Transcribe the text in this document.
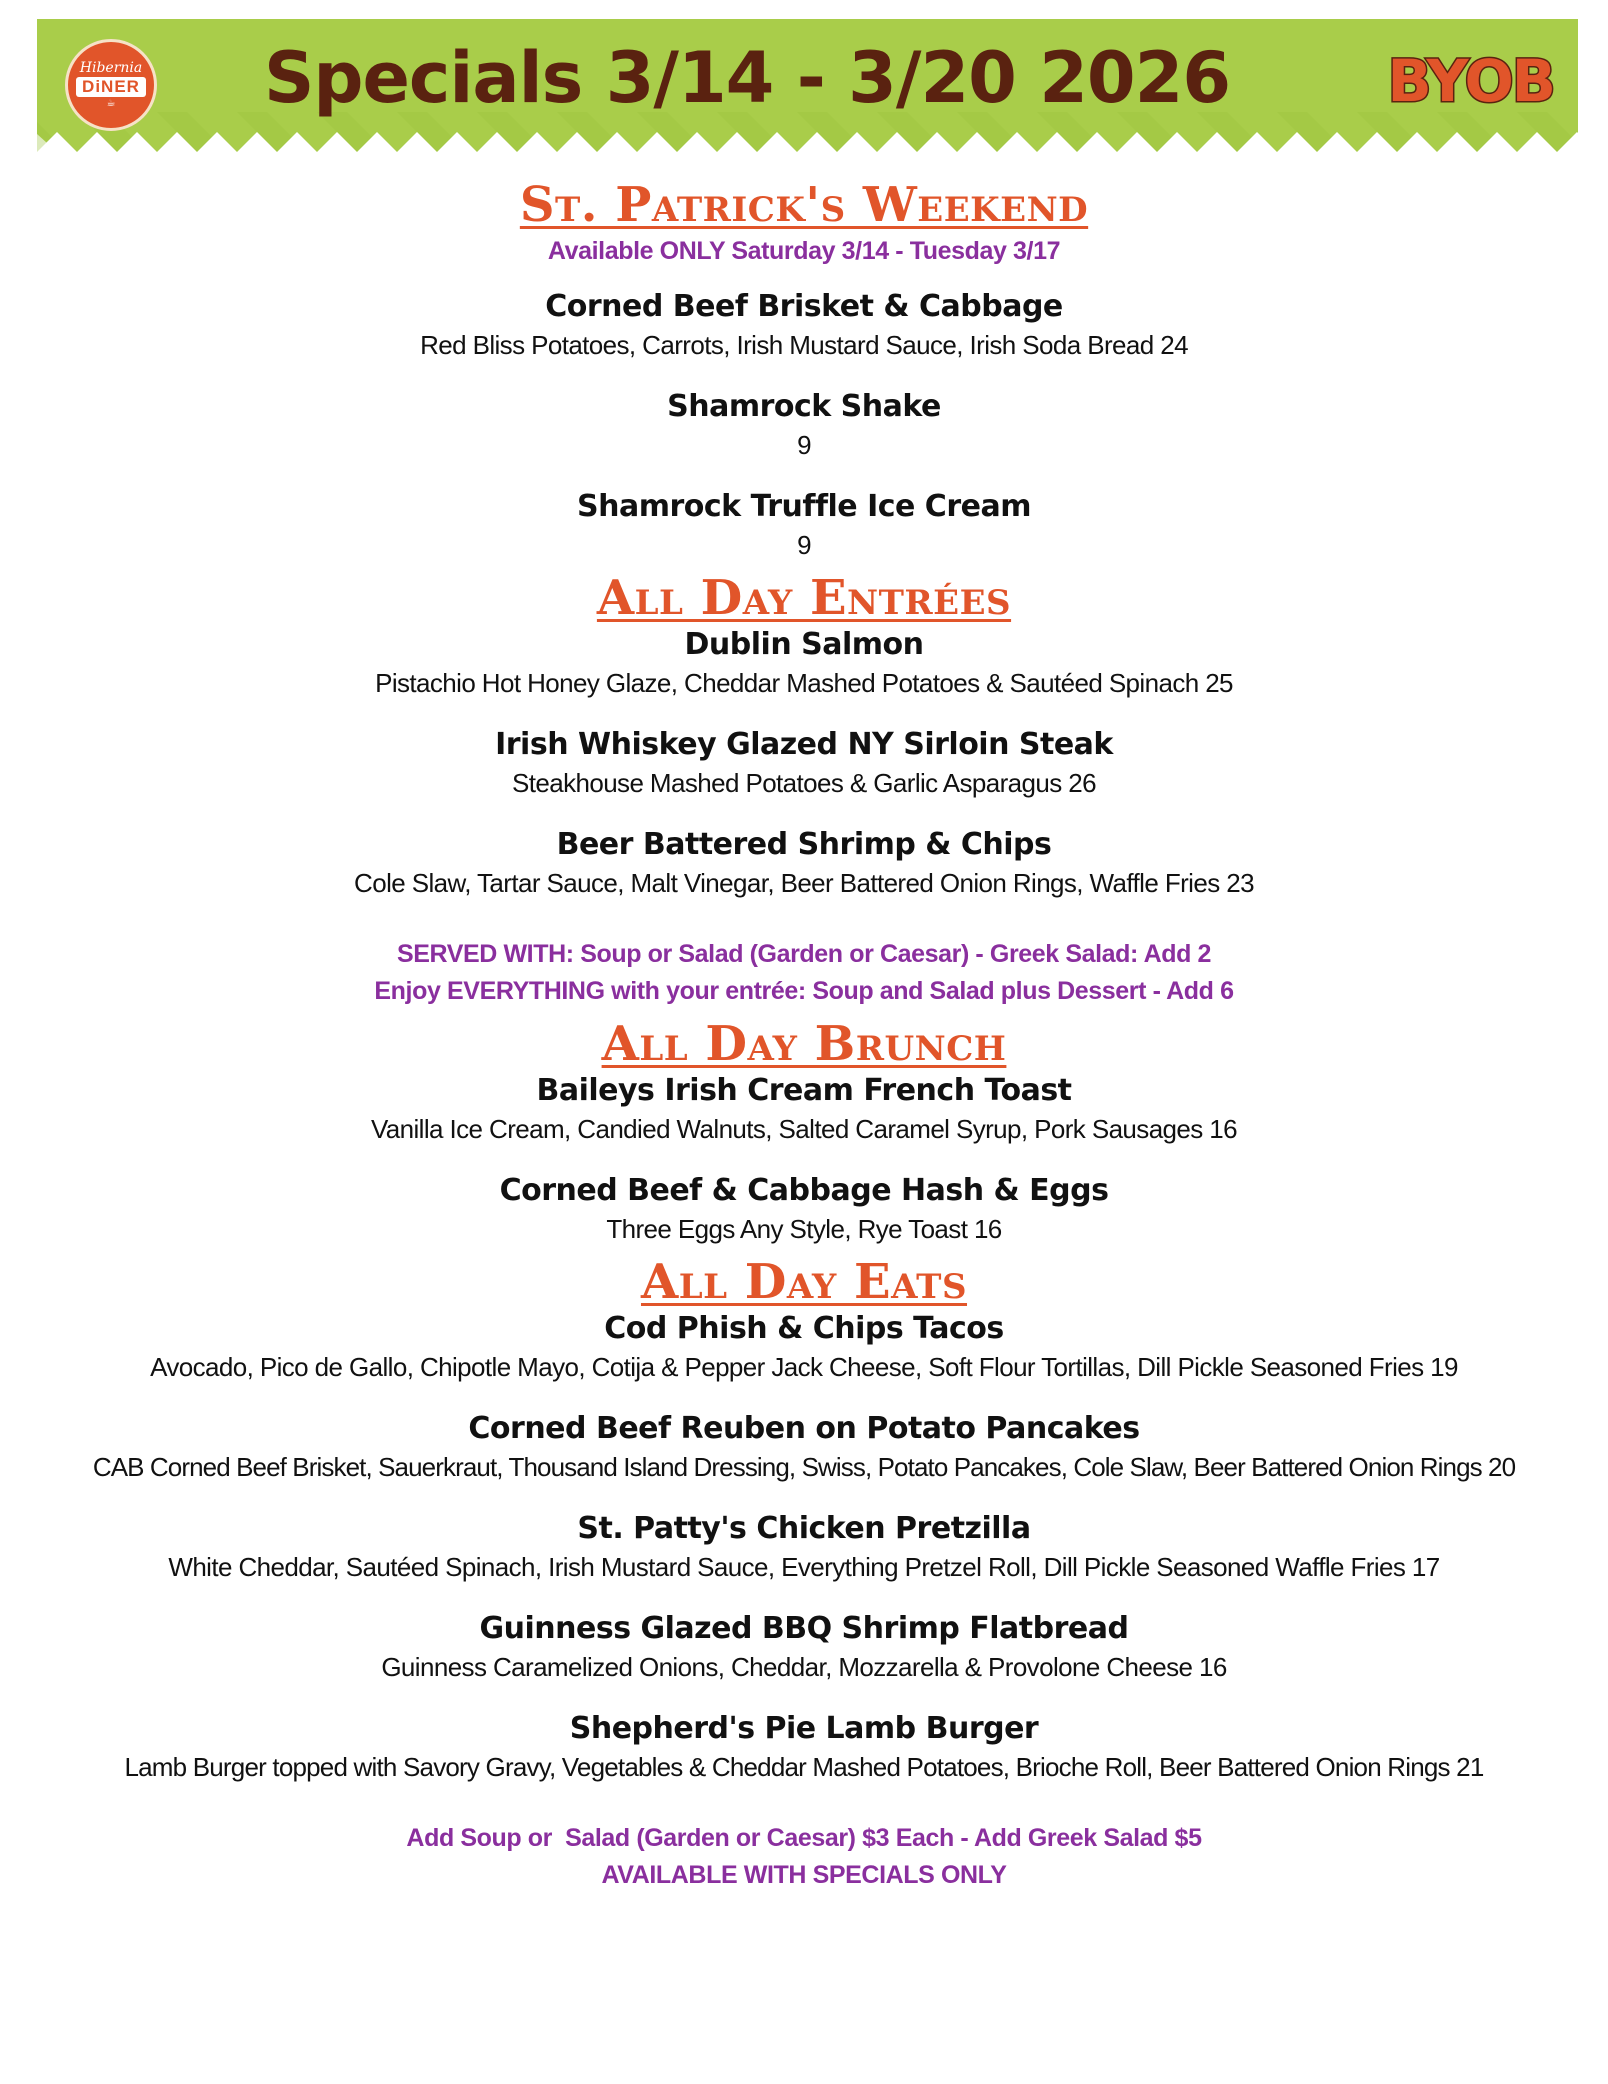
Hibernia
DiNER
☕	Specials 3/14 - 3/20 2026	BYOB
St. Patrick's Weekend

Available ONLY Saturday 3/14 - Tuesday 3/17

Corned Beef Brisket & Cabbage

Red Bliss Potatoes, Carrots, Irish Mustard Sauce, Irish Soda Bread 24

Shamrock Shake

9

Shamrock Truffle Ice Cream

9

All Day Entrées

Dublin Salmon

Pistachio Hot Honey Glaze, Cheddar Mashed Potatoes & Sautéed Spinach 25

Irish Whiskey Glazed NY Sirloin Steak

Steakhouse Mashed Potatoes & Garlic Asparagus 26

Beer Battered Shrimp & Chips

Cole Slaw, Tartar Sauce, Malt Vinegar, Beer Battered Onion Rings, Waffle Fries 23

SERVED WITH: Soup or Salad (Garden or Caesar) - Greek Salad: Add 2

Enjoy EVERYTHING with your entrée: Soup and Salad plus Dessert - Add 6

All Day Brunch

Baileys Irish Cream French Toast

Vanilla Ice Cream, Candied Walnuts, Salted Caramel Syrup, Pork Sausages 16

Corned Beef & Cabbage Hash & Eggs

Three Eggs Any Style, Rye Toast 16

All Day Eats

Cod Phish & Chips Tacos

Avocado, Pico de Gallo, Chipotle Mayo, Cotija & Pepper Jack Cheese, Soft Flour Tortillas, Dill Pickle Seasoned Fries 19

Corned Beef Reuben on Potato Pancakes

CAB Corned Beef Brisket, Sauerkraut, Thousand Island Dressing, Swiss, Potato Pancakes, Cole Slaw, Beer Battered Onion Rings 20

St. Patty's Chicken Pretzilla

White Cheddar, Sautéed Spinach, Irish Mustard Sauce, Everything Pretzel Roll, Dill Pickle Seasoned Waffle Fries 17

Guinness Glazed BBQ Shrimp Flatbread

Guinness Caramelized Onions, Cheddar, Mozzarella & Provolone Cheese 16

Shepherd's Pie Lamb Burger

Lamb Burger topped with Savory Gravy, Vegetables & Cheddar Mashed Potatoes, Brioche Roll, Beer Battered Onion Rings 21

Add Soup or  Salad (Garden or Caesar) $3 Each - Add Greek Salad $5

AVAILABLE WITH SPECIALS ONLY
